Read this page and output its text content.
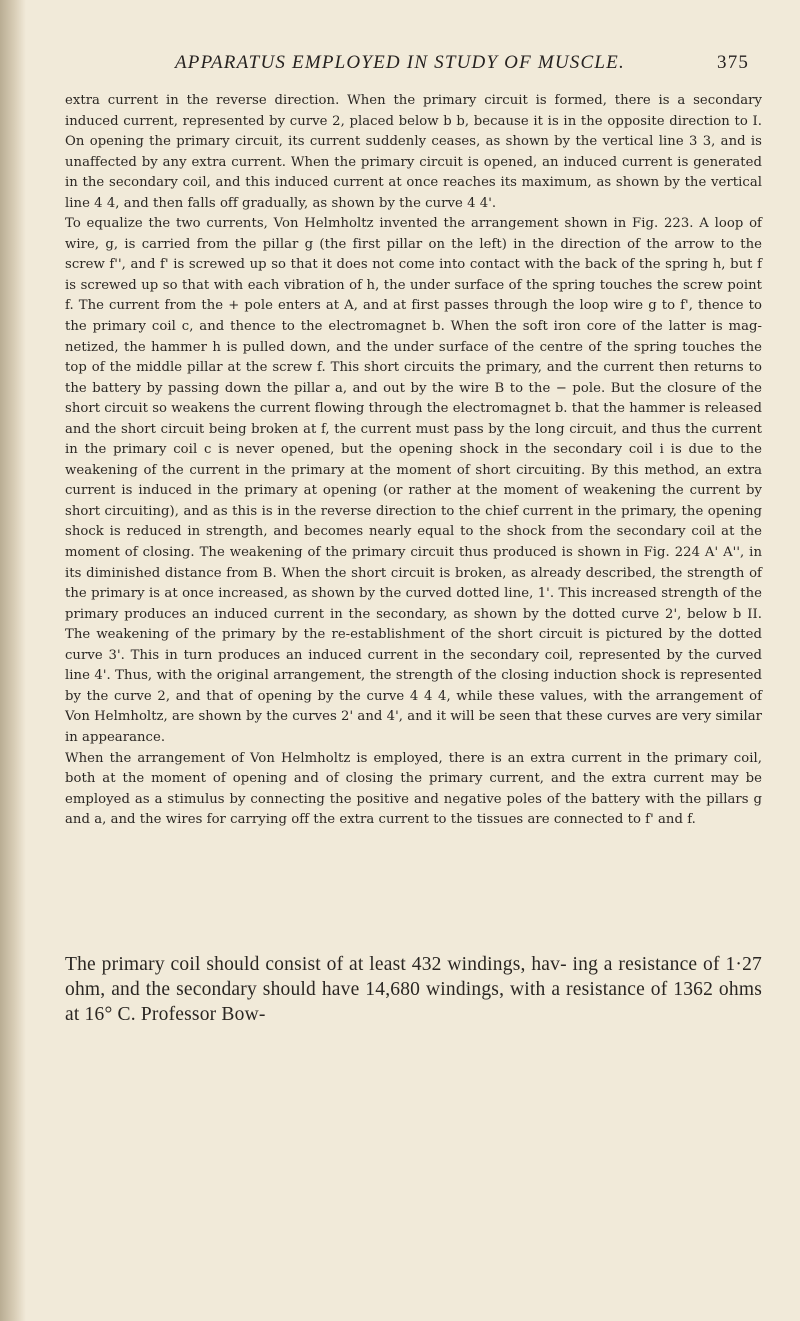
APPARATUS EMPLOYED IN STUDY OF MUSCLE.	375

extra current in the reverse direction. When the primary circuit is formed, there is a secondary induced current, represented by curve 2, placed below b b, because it is in the opposite direction to I. On opening the primary circuit, its current suddenly ceases, as shown by the vertical line 3 3, and is unaffected by any extra current. When the primary circuit is opened, an induced current is generated in the secondary coil, and this induced current at once reaches its maximum, as shown by the vertical line 4 4, and then falls off gradually, as shown by the curve 4 4'.

To equalize the two currents, Von Helmholtz invented the arrangement shown in Fig. 223. A loop of wire, g, is carried from the pillar g (the first pillar on the left) in the direction of the arrow to the screw f'', and f' is screwed up so that it does not come into contact with the back of the spring h, but f is screwed up so that with each vibration of h, the under surface of the spring touches the screw point f. The current from the + pole enters at A, and at first passes through the loop wire g to f', thence to the primary coil c, and thence to the electromagnet b. When the soft iron core of the latter is mag- netized, the hammer h is pulled down, and the under surface of the centre of the spring touches the top of the middle pillar at the screw f. This short circuits the primary, and the current then returns to the battery by passing down the pillar a, and out by the wire B to the − pole. But the closure of the short circuit so weakens the current flowing through the electromagnet b. that the hammer is released and the short circuit being broken at f, the current must pass by the long circuit, and thus the current in the primary coil c is never opened, but the opening shock in the secondary coil i is due to the weakening of the current in the primary at the moment of short circuiting. By this method, an extra current is induced in the primary at opening (or rather at the moment of weakening the current by short circuiting), and as this is in the reverse direction to the chief current in the primary, the opening shock is reduced in strength, and becomes nearly equal to the shock from the secondary coil at the moment of closing. The weakening of the primary circuit thus produced is shown in Fig. 224 A' A'', in its diminished distance from B. When the short circuit is broken, as already described, the strength of the primary is at once increased, as shown by the curved dotted line, 1'. This increased strength of the primary produces an induced current in the secondary, as shown by the dotted curve 2', below b II. The weakening of the primary by the re-establishment of the short circuit is pictured by the dotted curve 3'. This in turn produces an induced current in the secondary coil, represented by the curved line 4'. Thus, with the original arrangement, the strength of the closing induction shock is represented by the curve 2, and that of opening by the curve 4 4 4, while these values, with the arrangement of Von Helmholtz, are shown by the curves 2' and 4', and it will be seen that these curves are very similar in appearance.

When the arrangement of Von Helmholtz is employed, there is an extra current in the primary coil, both at the moment of opening and of closing the primary current, and the extra current may be employed as a stimulus by connecting the positive and negative poles of the battery with the pillars g and a, and the wires for carrying off the extra current to the tissues are connected to f' and f.

The primary coil should consist of at least 432 windings, hav- ing a resistance of 1·27 ohm, and the secondary should have 14,680 windings, with a resistance of 1362 ohms at 16° C. Professor Bow-
